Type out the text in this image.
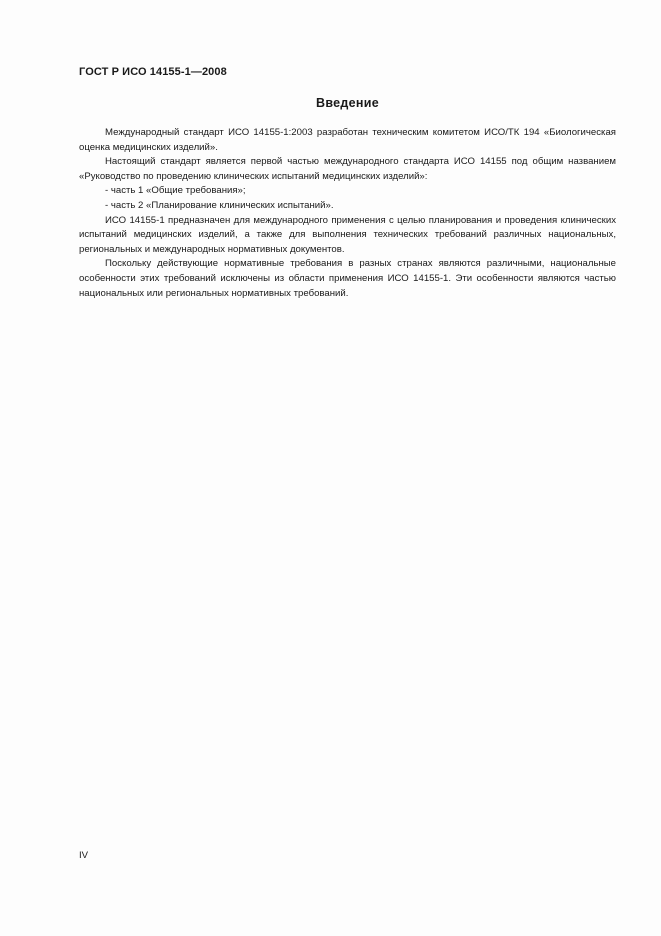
ГОСТ Р ИСО 14155-1—2008
Введение

Международный стандарт ИСО 14155-1:2003 разработан техническим комитетом ИСО/ТК 194 «Биологическая оценка медицинских изделий».

Настоящий стандарт является первой частью международного стандарта ИСО 14155 под общим названием «Руководство по проведению клинических испытаний медицинских изделий»:

- часть 1 «Общие требования»;

- часть 2 «Планирование клинических испытаний».

ИСО 14155-1 предназначен для международного применения с целью планирования и проведения клинических испытаний медицинских изделий, а также для выполнения технических требований различных национальных, региональных и международных нормативных документов.

Поскольку действующие нормативные требования в разных странах являются различными, национальные особенности этих требований исключены из области применения ИСО 14155-1. Эти особенности являются частью национальных или региональных нормативных требований.

IV
